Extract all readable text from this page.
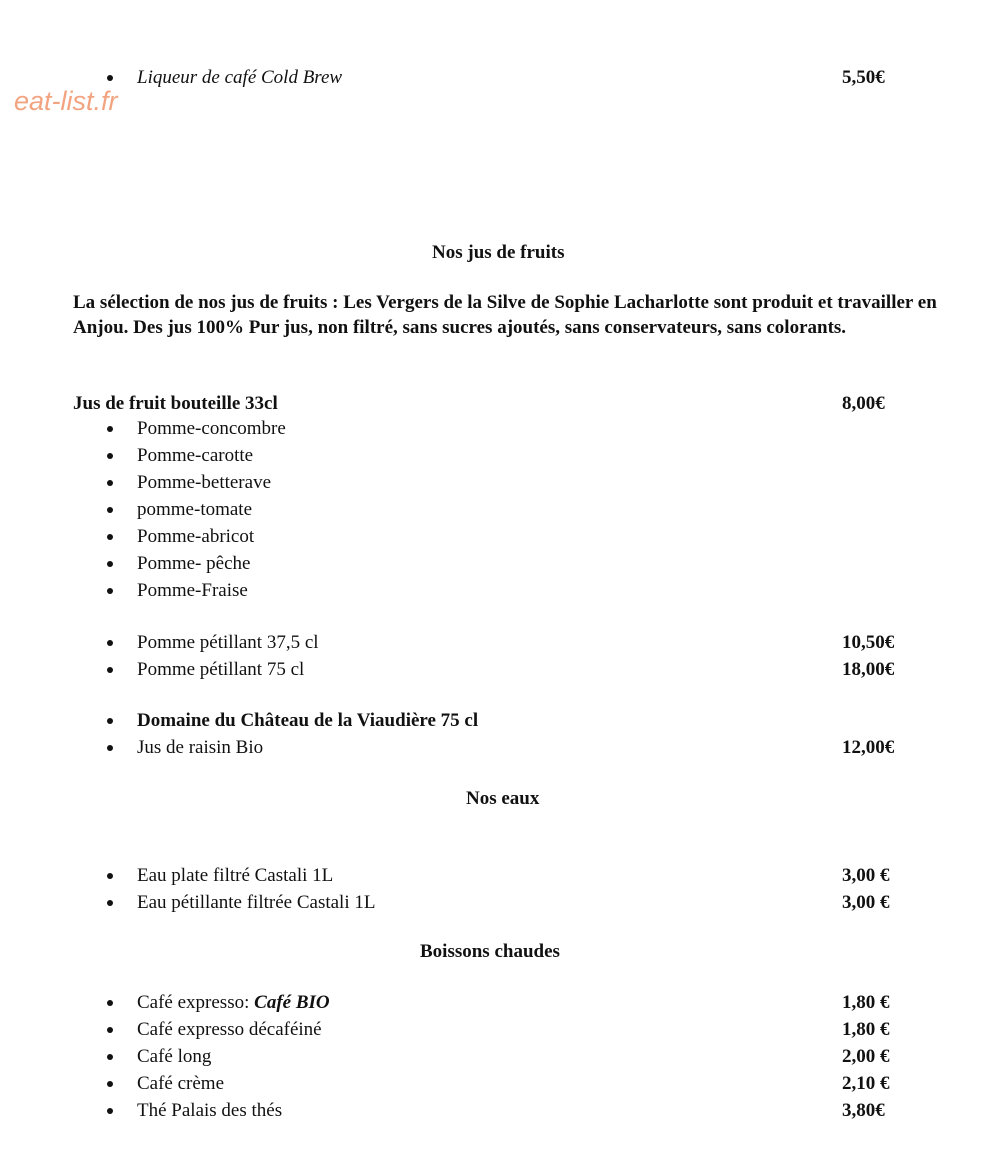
eat-list.fr
Liqueur de café Cold Brew	5,50€
Nos jus de fruits
La sélection de nos jus de fruits : Les Vergers de la Silve de Sophie Lacharlotte sont produit et travailler en Anjou. Des jus 100% Pur jus, non filtré, sans sucres ajoutés, sans conservateurs, sans colorants.
Jus de fruit bouteille 33cl	8,00€
Pomme-concombre
Pomme-carotte
Pomme-betterave
pomme-tomate
Pomme-abricot
Pomme- pêche
Pomme-Fraise
Pomme pétillant 37,5 cl	10,50€
Pomme pétillant 75 cl	18,00€
Domaine du Château de la Viaudière 75 cl
Jus de raisin Bio	12,00€
Nos eaux
Eau plate filtré Castali 1L	3,00 €
Eau pétillante filtrée Castali 1L	3,00 €
Boissons chaudes
Café expresso: Café BIO	1,80 €
Café expresso décaféiné	1,80 €
Café long	2,00 €
Café crème	2,10 €
Thé Palais des thés	3,80€
